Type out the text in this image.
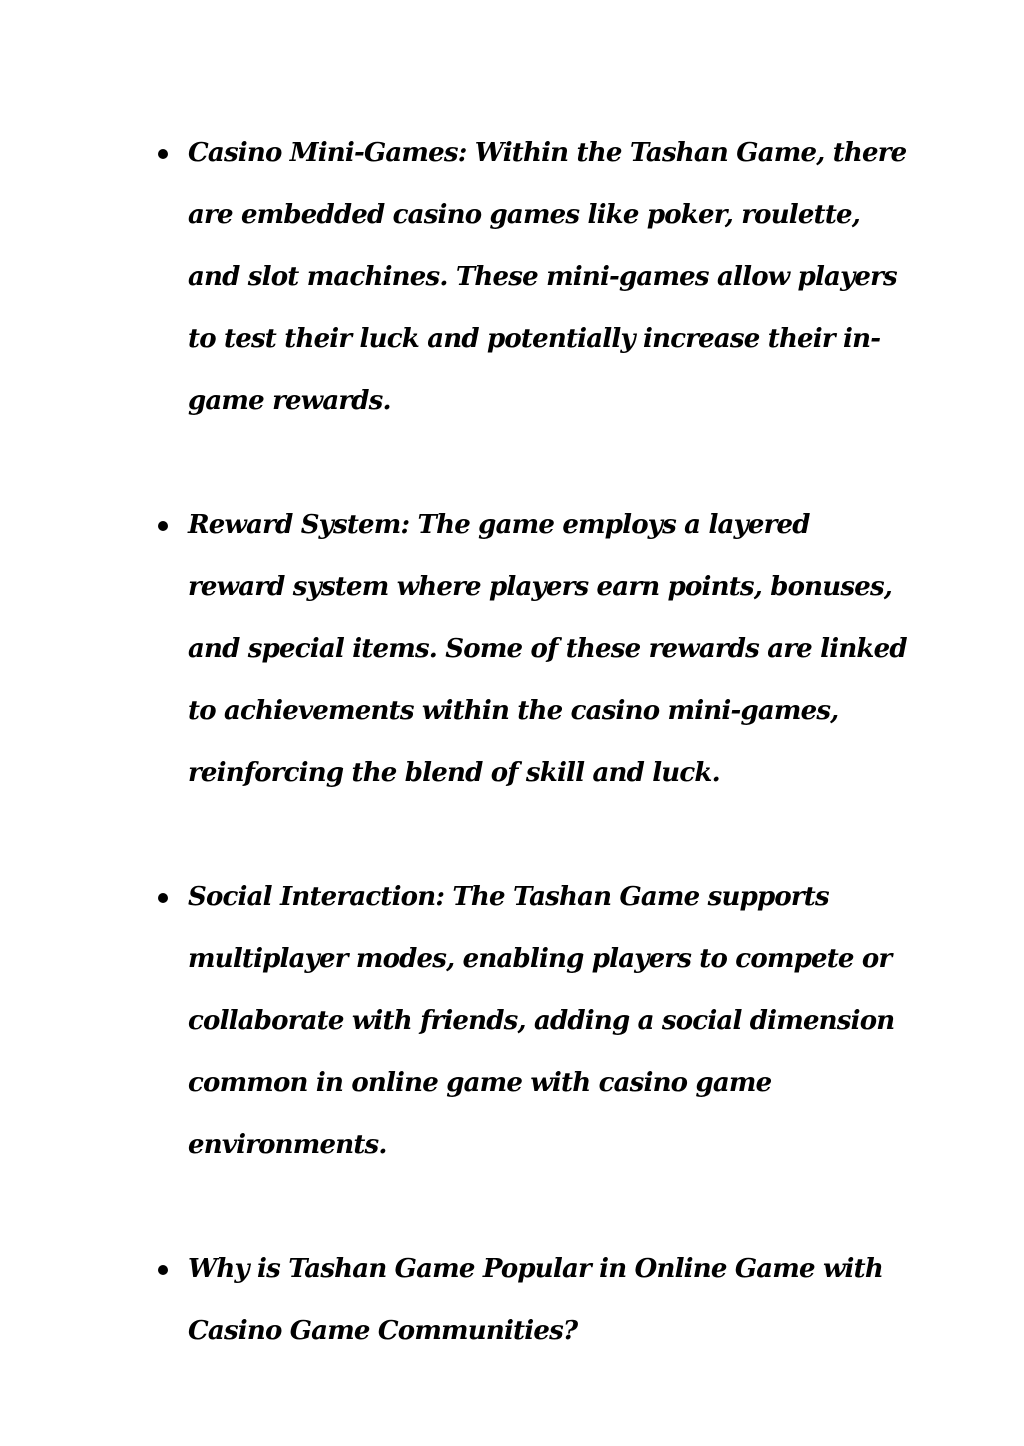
Casino Mini-Games: Within the Tashan Game, there are embedded casino games like poker, roulette, and slot machines. These mini-games allow players to test their luck and potentially increase their in-game rewards.
Reward System: The game employs a layered reward system where players earn points, bonuses, and special items. Some of these rewards are linked to achievements within the casino mini-games, reinforcing the blend of skill and luck.
Social Interaction: The Tashan Game supports multiplayer modes, enabling players to compete or collaborate with friends, adding a social dimension common in online game with casino game environments.
Why is Tashan Game Popular in Online Game with Casino Game Communities?
